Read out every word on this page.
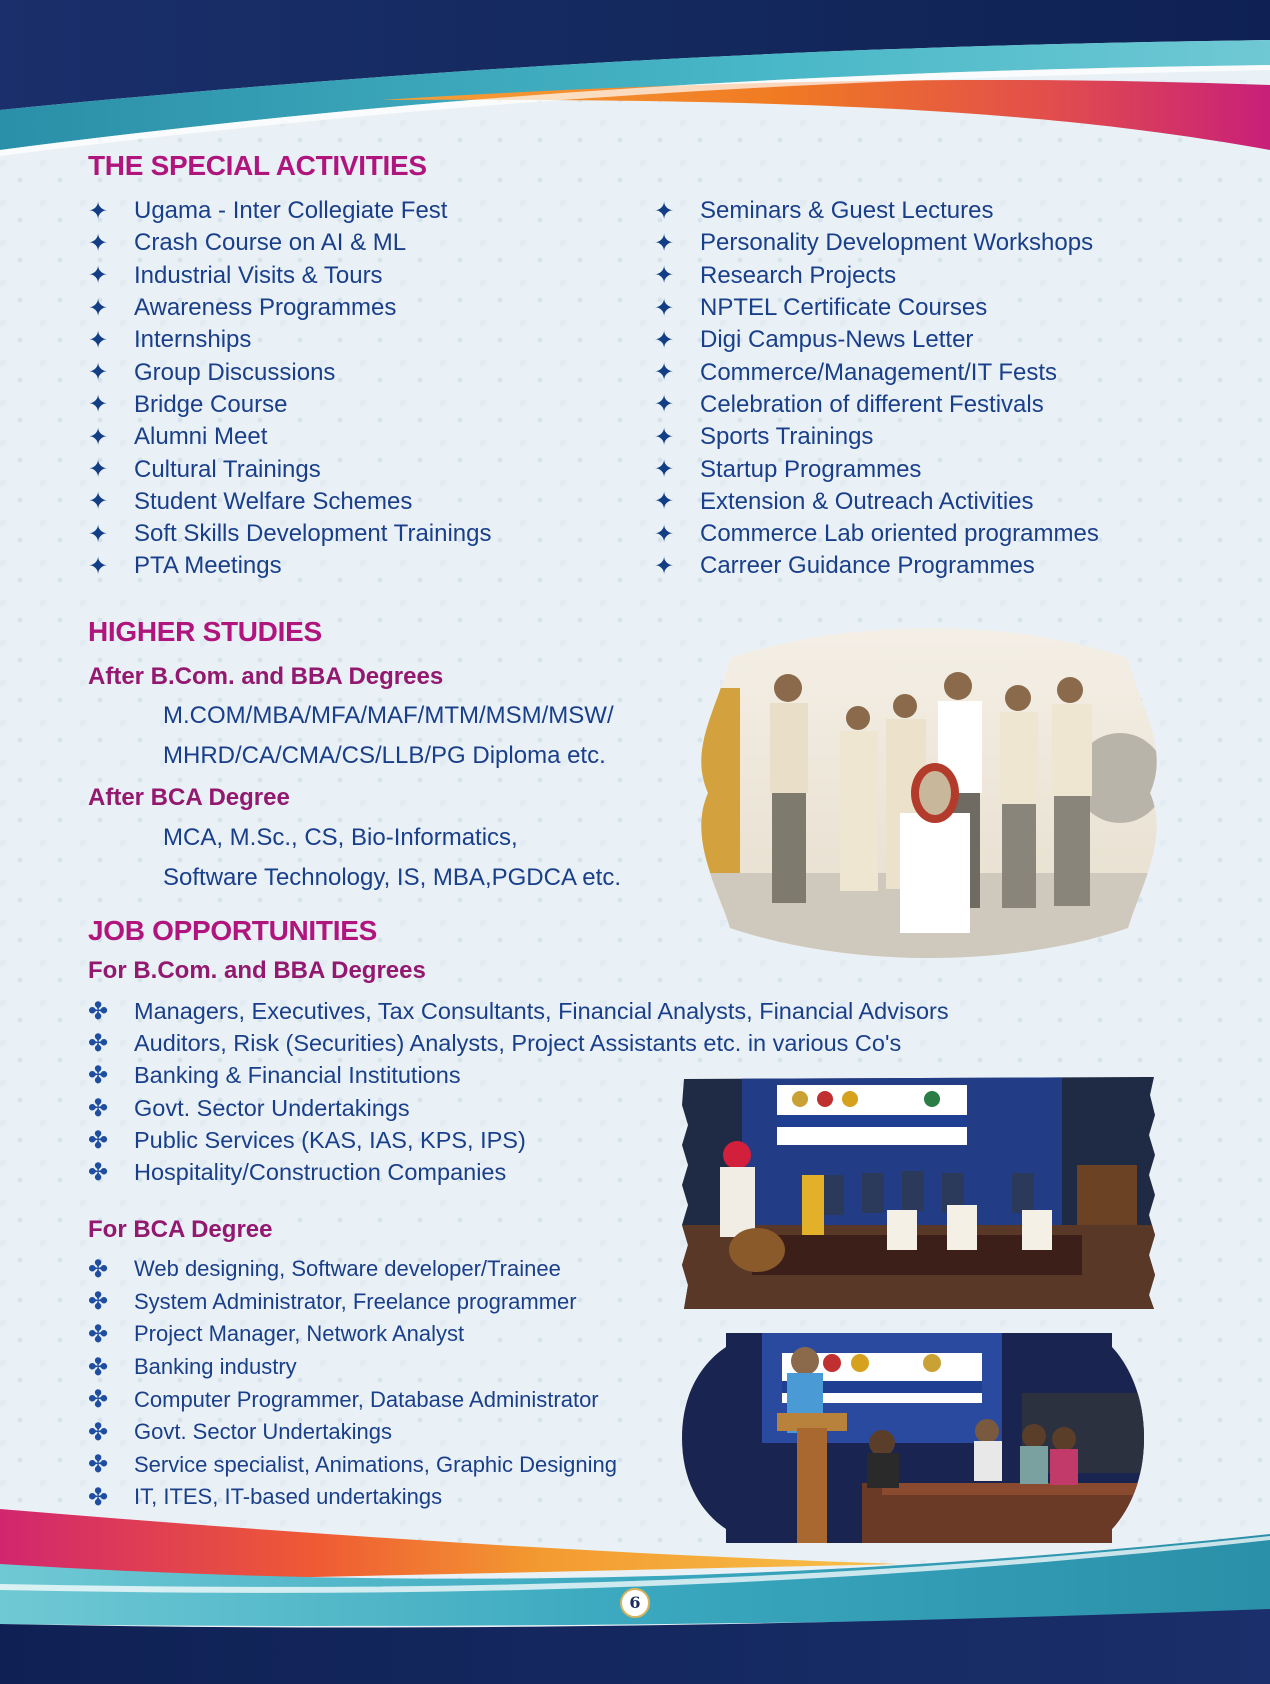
THE SPECIAL ACTIVITIES
✦	Ugama - Inter Collegiate Fest
✦	Crash Course on AI & ML
✦	Industrial Visits & Tours
✦	Awareness Programmes
✦	Internships
✦	Group Discussions
✦	Bridge Course
✦	Alumni Meet
✦	Cultural Trainings
✦	Student Welfare Schemes
✦	Soft Skills Development Trainings
✦	PTA Meetings
✦	Seminars & Guest Lectures
✦	Personality Development Workshops
✦	Research Projects
✦	NPTEL Certificate Courses
✦	Digi Campus-News Letter
✦	Commerce/Management/IT Fests
✦	Celebration of different Festivals
✦	Sports Trainings
✦	Startup Programmes
✦	Extension & Outreach Activities
✦	Commerce Lab oriented programmes
✦	Carreer Guidance Programmes
HIGHER STUDIES
After B.Com. and BBA Degrees
M.COM/MBA/MFA/MAF/MTM/MSM/MSW/
MHRD/CA/CMA/CS/LLB/PG Diploma etc.
After BCA Degree
MCA, M.Sc., CS, Bio-Informatics,
Software Technology, IS, MBA,PGDCA etc.
JOB OPPORTUNITIES
For B.Com. and BBA Degrees
✤	Managers, Executives, Tax Consultants, Financial Analysts, Financial Advisors
✤	Auditors, Risk (Securities) Analysts, Project Assistants etc. in various Co's
✤	Banking & Financial Institutions
✤	Govt. Sector Undertakings
✤	Public Services (KAS, IAS, KPS, IPS)
✤	Hospitality/Construction Companies
For BCA Degree
✤	Web designing, Software developer/Trainee
✤	System Administrator, Freelance programmer
✤	Project Manager, Network Analyst
✤	Banking industry
✤	Computer Programmer, Database Administrator
✤	Govt. Sector Undertakings
✤	Service specialist, Animations, Graphic Designing
✤	IT, ITES, IT-based undertakings
6
